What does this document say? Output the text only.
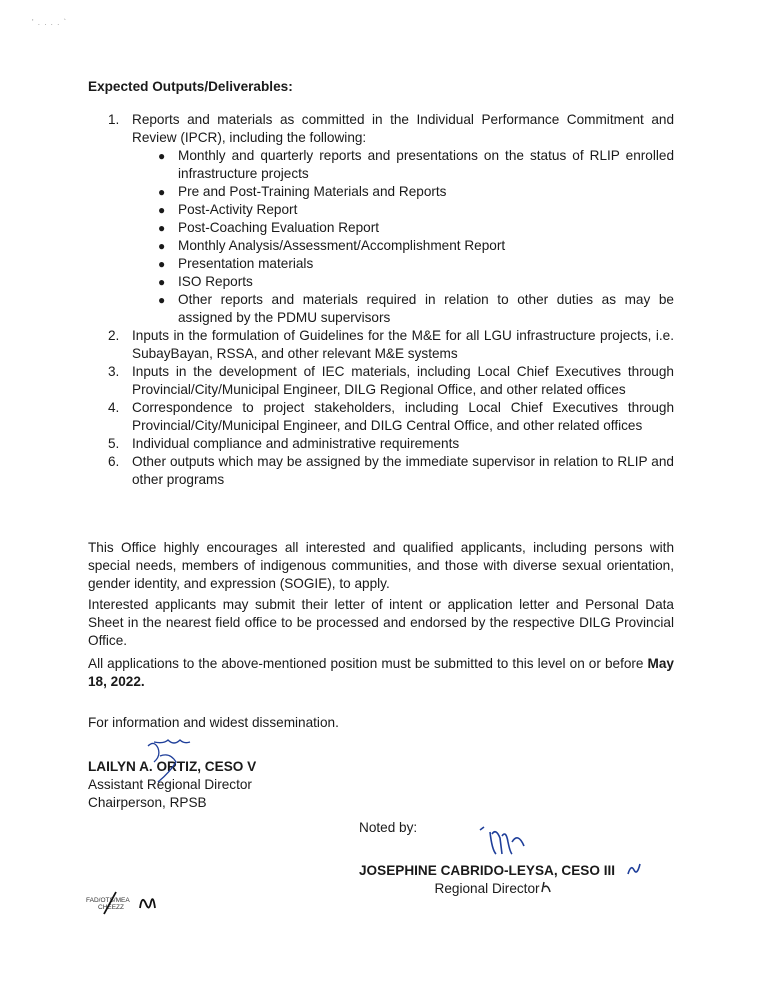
' . . . . `
Expected Outputs/Deliverables:
1. Reports and materials as committed in the Individual Performance Commitment and Review (IPCR), including the following:
● Monthly and quarterly reports and presentations on the status of RLIP enrolled infrastructure projects
● Pre and Post-Training Materials and Reports
● Post-Activity Report
● Post-Coaching Evaluation Report
● Monthly Analysis/Assessment/Accomplishment Report
● Presentation materials
● ISO Reports
● Other reports and materials required in relation to other duties as may be assigned by the PDMU supervisors
2. Inputs in the formulation of Guidelines for the M&E for all LGU infrastructure projects, i.e. SubayBayan, RSSA, and other relevant M&E systems
3. Inputs in the development of IEC materials, including Local Chief Executives through Provincial/City/Municipal Engineer, DILG Regional Office, and other related offices
4. Correspondence to project stakeholders, including Local Chief Executives through Provincial/City/Municipal Engineer, and DILG Central Office, and other related offices
5. Individual compliance and administrative requirements
6. Other outputs which may be assigned by the immediate supervisor in relation to RLIP and other programs

This Office highly encourages all interested and qualified applicants, including persons with special needs, members of indigenous communities, and those with diverse sexual orientation, gender identity, and expression (SOGIE), to apply.

Interested applicants may submit their letter of intent or application letter and Personal Data Sheet in the nearest field office to be processed and endorsed by the respective DILG Provincial Office.

All applications to the above-mentioned position must be submitted to this level on or before May 18, 2022.

For information and widest dissemination.

LAILYN A. ORTIZ, CESO V
Assistant Regional Director
Chairperson, RPSB
Noted by:
JOSEPHINE CABRIDO-LEYSA, CESO III
Regional Director
FAD/OTS/MEA
CHEEZZ
